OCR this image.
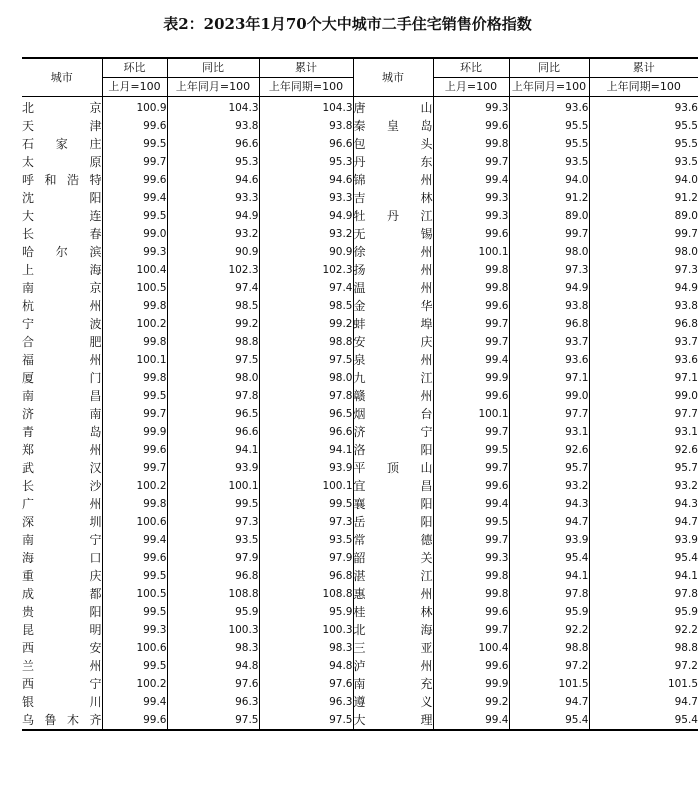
表2：2023年1月70个大中城市二手住宅销售价格指数
城市	环比	同比	累计	城市	环比	同比	累计
	上月=100	上年同月=100	上年同期=100		上月=100	上年同月=100	上年同期=100
北　　京	100.9	104.3	104.3	唐　　山	99.3	93.6	93.6
天　　津	99.6	93.8	93.8	秦 皇 岛	99.6	95.5	95.5
石 家 庄	99.5	96.6	96.6	包　　头	99.8	95.5	95.5
太　　原	99.7	95.3	95.3	丹　　东	99.7	93.5	93.5
呼和浩特	99.6	94.6	94.6	锦　　州	99.4	94.0	94.0
沈　　阳	99.4	93.3	93.3	吉　　林	99.3	91.2	91.2
大　　连	99.5	94.9	94.9	牡 丹 江	99.3	89.0	89.0
长　　春	99.0	93.2	93.2	无　　锡	99.6	99.7	99.7
哈 尔 滨	99.3	90.9	90.9	徐　　州	100.1	98.0	98.0
上　　海	100.4	102.3	102.3	扬　　州	99.8	97.3	97.3
南　　京	100.5	97.4	97.4	温　　州	99.8	94.9	94.9
杭　　州	99.8	98.5	98.5	金　　华	99.6	93.8	93.8
宁　　波	100.2	99.2	99.2	蚌　　埠	99.7	96.8	96.8
合　　肥	99.8	98.8	98.8	安　　庆	99.7	93.7	93.7
福　　州	100.1	97.5	97.5	泉　　州	99.4	93.6	93.6
厦　　门	99.8	98.0	98.0	九　　江	99.9	97.1	97.1
南　　昌	99.5	97.8	97.8	赣　　州	99.6	99.0	99.0
济　　南	99.7	96.5	96.5	烟　　台	100.1	97.7	97.7
青　　岛	99.9	96.6	96.6	济　　宁	99.7	93.1	93.1
郑　　州	99.6	94.1	94.1	洛　　阳	99.5	92.6	92.6
武　　汉	99.7	93.9	93.9	平 顶 山	99.7	95.7	95.7
长　　沙	100.2	100.1	100.1	宜　　昌	99.6	93.2	93.2
广　　州	99.8	99.5	99.5	襄　　阳	99.4	94.3	94.3
深　　圳	100.6	97.3	97.3	岳　　阳	99.5	94.7	94.7
南　　宁	99.4	93.5	93.5	常　　德	99.7	93.9	93.9
海　　口	99.6	97.9	97.9	韶　　关	99.3	95.4	95.4
重　　庆	99.5	96.8	96.8	湛　　江	99.8	94.1	94.1
成　　都	100.5	108.8	108.8	惠　　州	99.8	97.8	97.8
贵　　阳	99.5	95.9	95.9	桂　　林	99.6	95.9	95.9
昆　　明	99.3	100.3	100.3	北　　海	99.7	92.2	92.2
西　　安	100.6	98.3	98.3	三　　亚	100.4	98.8	98.8
兰　　州	99.5	94.8	94.8	泸　　州	99.6	97.2	97.2
西　　宁	100.2	97.6	97.6	南　　充	99.9	101.5	101.5
银　　川	99.4	96.3	96.3	遵　　义	99.2	94.7	94.7
乌鲁木齐	99.6	97.5	97.5	大　　理	99.4	95.4	95.4
